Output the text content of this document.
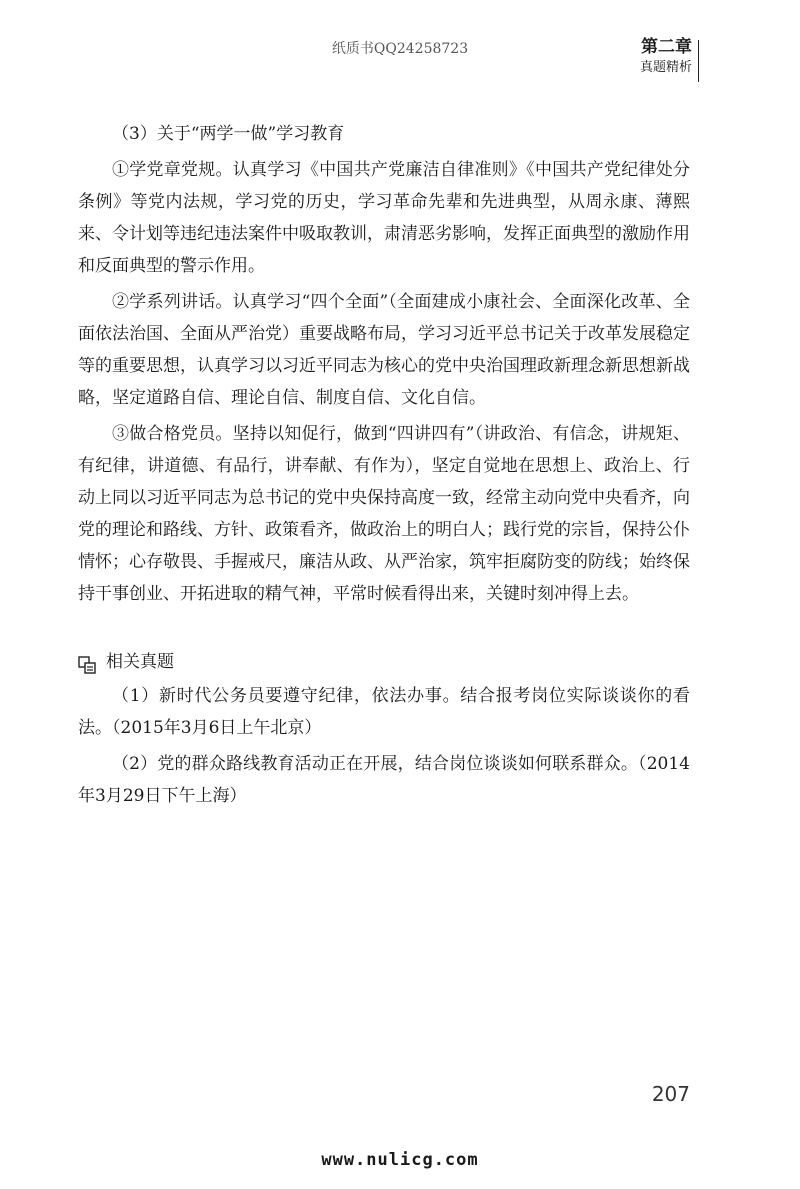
纸质书QQ24258723	第二章
真题精析

（3）关于“两学一做”学习教育

①学党章党规。认真学习《中国共产党廉洁自律准则》《中国共产党纪律处分条例》等党内法规，学习党的历史，学习革命先辈和先进典型，从周永康、薄熙来、令计划等违纪违法案件中吸取教训，肃清恶劣影响，发挥正面典型的激励作用和反面典型的警示作用。

②学系列讲话。认真学习“四个全面”（全面建成小康社会、全面深化改革、全面依法治国、全面从严治党）重要战略布局，学习习近平总书记关于改革发展稳定等的重要思想，认真学习以习近平同志为核心的党中央治国理政新理念新思想新战略，坚定道路自信、理论自信、制度自信、文化自信。

③做合格党员。坚持以知促行，做到“四讲四有”（讲政治、有信念，讲规矩、有纪律，讲道德、有品行，讲奉献、有作为），坚定自觉地在思想上、政治上、行动上同以习近平同志为总书记的党中央保持高度一致，经常主动向党中央看齐，向党的理论和路线、方针、政策看齐，做政治上的明白人；践行党的宗旨，保持公仆情怀；心存敬畏、手握戒尺，廉洁从政、从严治家，筑牢拒腐防变的防线；始终保持干事创业、开拓进取的精气神，平常时候看得出来，关键时刻冲得上去。

相关真题

（1）新时代公务员要遵守纪律，依法办事。结合报考岗位实际谈谈你的看法。（2015年3月6日上午北京）

（2）党的群众路线教育活动正在开展，结合岗位谈谈如何联系群众。（2014年3月29日下午上海）

207
www.nulicg.com
